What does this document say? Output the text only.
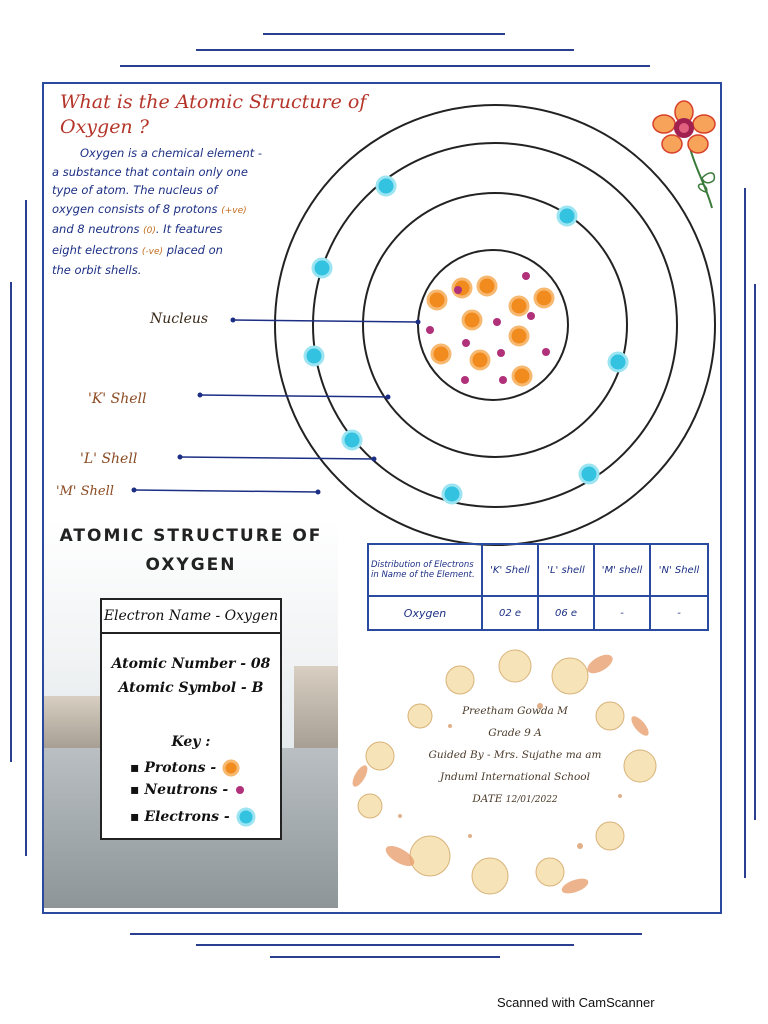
What is the Atomic Structure of Oxygen ?
Oxygen is a chemical element -
a substance that contain only one
type of atom. The nucleus of
oxygen consists of 8 protons (+ve)
and 8 neutrons (0). It features
eight electrons (-ve) placed on
the orbit shells.
Nucleus
'K' Shell
'L' Shell
'M' Shell
ATOMIC STRUCTURE OF
OXYGEN
Electron Name - Oxygen
Atomic Number - 08
Atomic Symbol - B
Key :
▪ Protons -
▪ Neutrons -
▪ Electrons -
Distribution of Electrons in Name of the Element.	'K' Shell	'L' shell	'M' shell	'N' Shell
Oxygen	02 e	06 e	-	-
Preetham Gowda M
Grade 9 A
Guided By - Mrs. Sujathe ma am
Jnduml International School
DATE 12/01/2022
Scanned with CamScanner
